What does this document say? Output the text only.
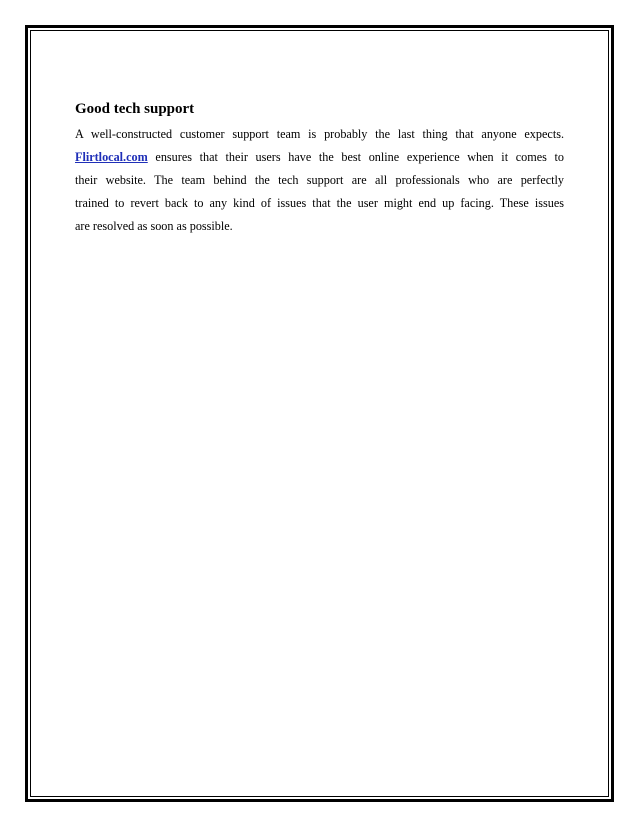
Good tech support
A well-constructed customer support team is probably the last thing that anyone expects.
Flirtlocal.com ensures that their users have the best online experience when it comes to
their website. The team behind the tech support are all professionals who are perfectly
trained to revert back to any kind of issues that the user might end up facing. These issues
are resolved as soon as possible.
